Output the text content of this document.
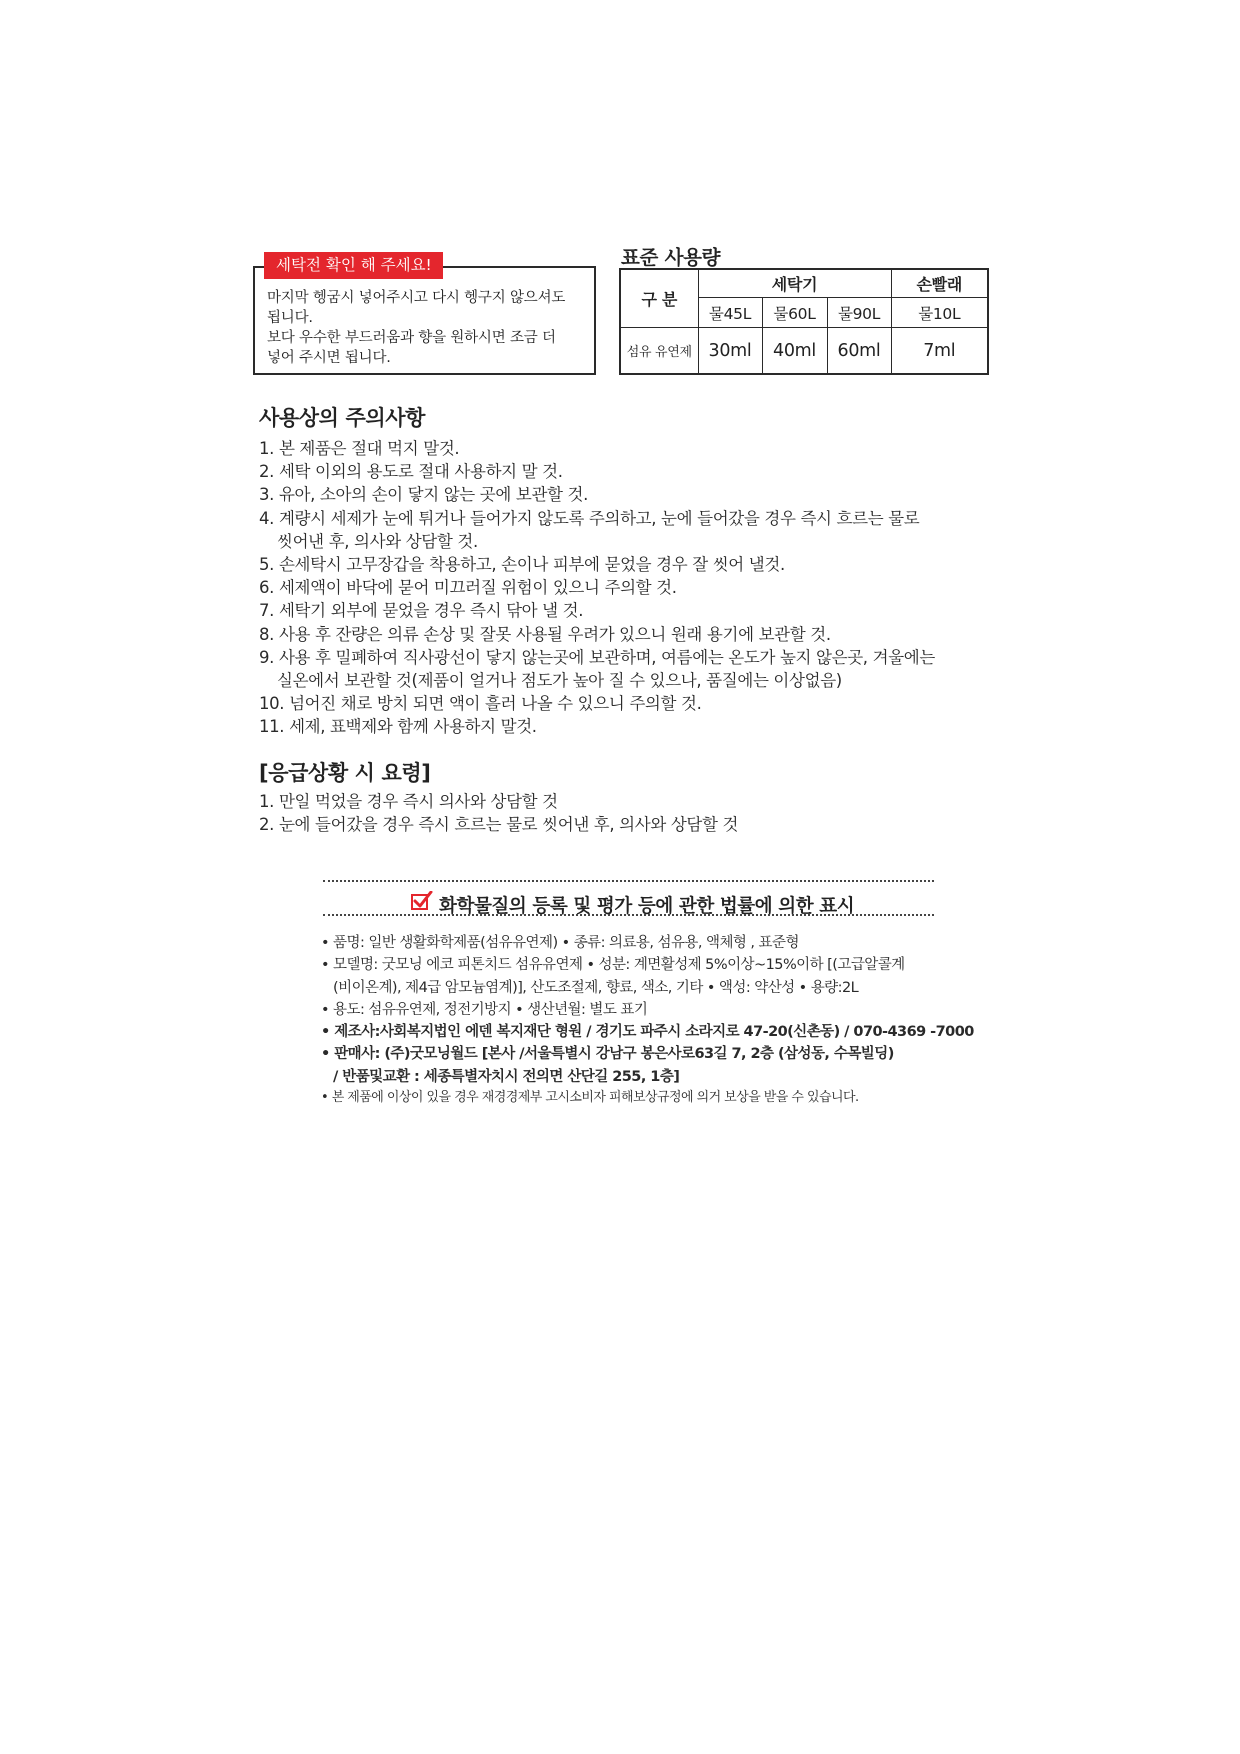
마지막 헹굼시 넣어주시고 다시 헹구지 않으셔도
됩니다.
보다 우수한 부드러움과 향을 원하시면 조금 더
넣어 주시면 됩니다.
세탁전 확인 해 주세요!	표준 사용량
구 분	세탁기			손빨래
	물45L	물60L	물90L	물10L
섬유 유연제	30ml	40ml	60ml	7ml
사용상의 주의사항
1. 본 제품은 절대 먹지 말것.
2. 세탁 이외의 용도로 절대 사용하지 말 것.
3. 유아, 소아의 손이 닿지 않는 곳에 보관할 것.
4. 계량시 세제가 눈에 튀거나 들어가지 않도록 주의하고, 눈에 들어갔을 경우 즉시 흐르는 물로
씻어낸 후, 의사와 상담할 것.
5. 손세탁시 고무장갑을 착용하고, 손이나 피부에 묻었을 경우 잘 씻어 낼것.
6. 세제액이 바닥에 묻어 미끄러질 위험이 있으니 주의할 것.
7. 세탁기 외부에 묻었을 경우 즉시 닦아 낼 것.
8. 사용 후 잔량은 의류 손상 및 잘못 사용될 우려가 있으니 원래 용기에 보관할 것.
9. 사용 후 밀폐하여 직사광선이 닿지 않는곳에 보관하며, 여름에는 온도가 높지 않은곳, 겨울에는
실온에서 보관할 것(제품이 얼거나 점도가 높아 질 수 있으나, 품질에는 이상없음)
10. 넘어진 채로 방치 되면 액이 흘러 나올 수 있으니 주의할 것.
11. 세제, 표백제와 함께 사용하지 말것.
[응급상황 시 요령]
1. 만일 먹었을 경우 즉시 의사와 상담할 것
2. 눈에 들어갔을 경우 즉시 흐르는 물로 씻어낸 후, 의사와 상담할 것
화학물질의 등록 및 평가 등에 관한 법률에 의한 표시
• 품명: 일반 생활화학제품(섬유유연제) • 종류: 의료용, 섬유용, 액체형 , 표준형
• 모델명: 굿모닝 에코 피톤치드 섬유유연제 • 성분: 계면활성제 5%이상~15%이하 [(고급알콜계
(비이온계), 제4급 암모늄염계)], 산도조절제, 향료, 색소, 기타 • 액성: 약산성 • 용량:2L
• 용도: 섬유유연제, 정전기방지 • 생산년월: 별도 표기
• 제조사:사회복지법인 에덴 복지재단 형원 / 경기도 파주시 소라지로 47-20(신촌동) / 070-4369 -7000
• 판매사: (주)굿모닝월드 [본사 /서울특별시 강남구 봉은사로63길 7, 2층 (삼성동, 수목빌딩)
/ 반품및교환 : 세종특별자치시 전의면 산단길 255, 1층]
• 본 제품에 이상이 있을 경우 재경경제부 고시소비자 피해보상규정에 의거 보상을 받을 수 있습니다.
